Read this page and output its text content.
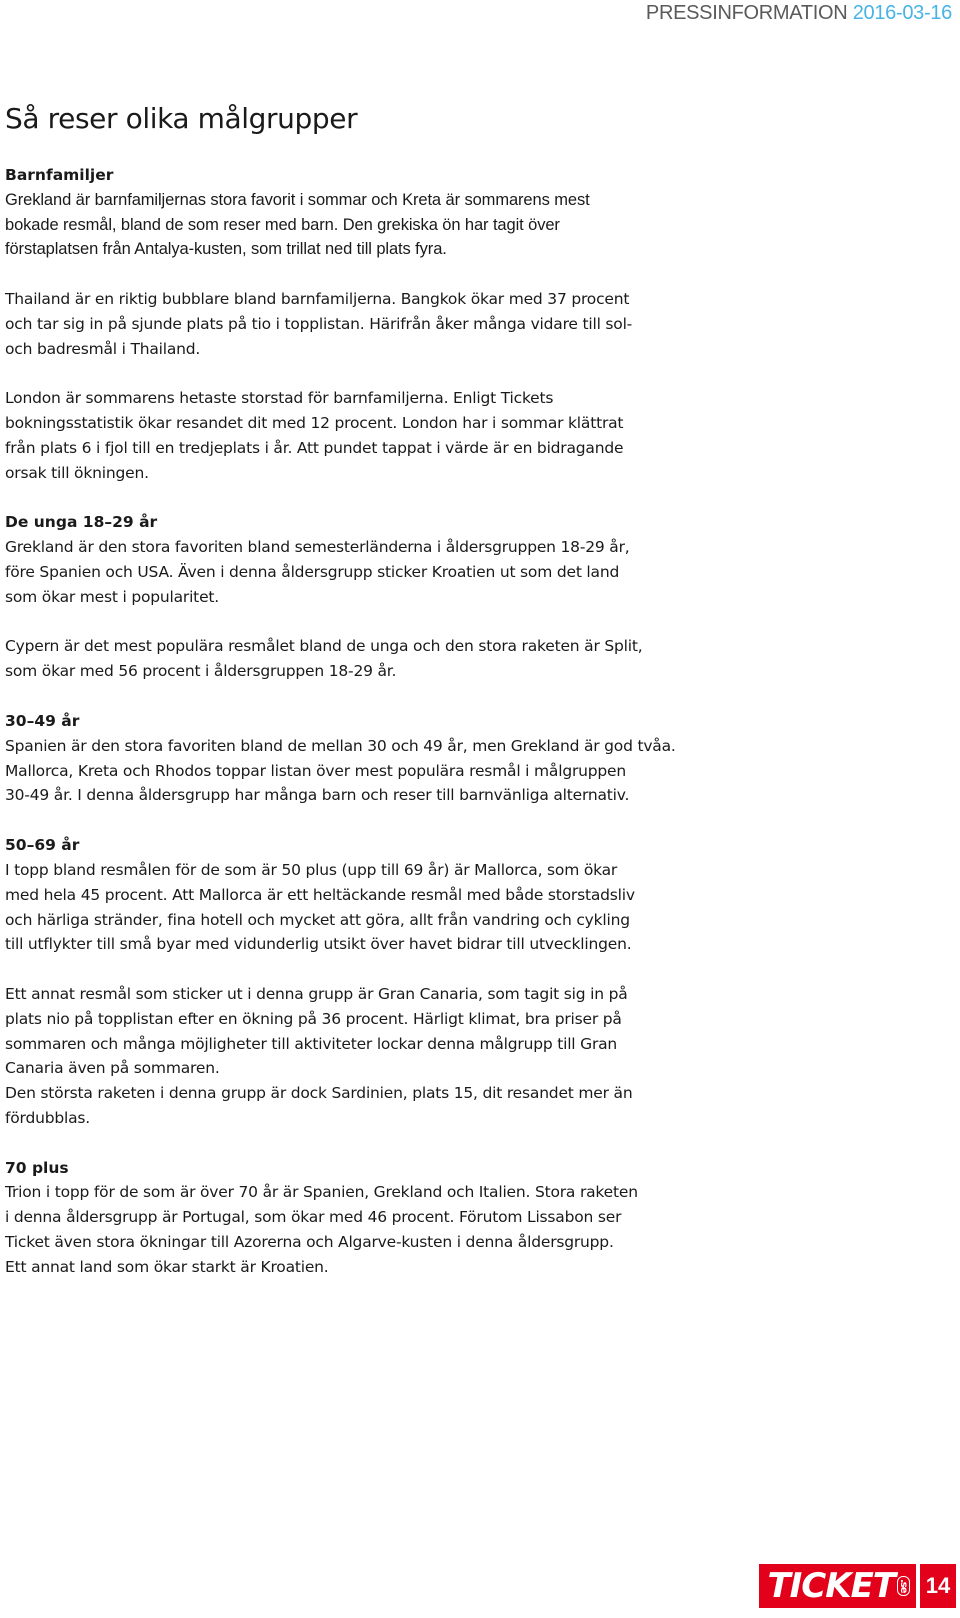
PRESSINFORMATION 2016-03-16
Så reser olika målgrupper
Barnfamiljer

Grekland är barnfamiljernas stora favorit i sommar och Kreta är sommarens mest
bokade resmål, bland de som reser med barn. Den grekiska ön har tagit över
förstaplatsen från Antalya-kusten, som trillat ned till plats fyra.

Thailand är en riktig bubblare bland barnfamiljerna. Bangkok ökar med 37 procent
och tar sig in på sjunde plats på tio i topplistan. Härifrån åker många vidare till sol-
och badresmål i Thailand.

London är sommarens hetaste storstad för barnfamiljerna. Enligt Tickets
bokningsstatistik ökar resandet dit med 12 procent. London har i sommar klättrat
från plats 6 i fjol till en tredjeplats i år. Att pundet tappat i värde är en bidragande
orsak till ökningen.

De unga 18–29 år

Grekland är den stora favoriten bland semesterländerna i åldersgruppen 18-29 år,
före Spanien och USA. Även i denna åldersgrupp sticker Kroatien ut som det land
som ökar mest i popularitet.

Cypern är det mest populära resmålet bland de unga och den stora raketen är Split,
som ökar med 56 procent i åldersgruppen 18-29 år.

30–49 år

Spanien är den stora favoriten bland de mellan 30 och 49 år, men Grekland är god tvåa.
Mallorca, Kreta och Rhodos toppar listan över mest populära resmål i målgruppen
30-49 år. I denna åldersgrupp har många barn och reser till barnvänliga alternativ.

50–69 år

I topp bland resmålen för de som är 50 plus (upp till 69 år) är Mallorca, som ökar
med hela 45 procent. Att Mallorca är ett heltäckande resmål med både storstadsliv
och härliga stränder, fina hotell och mycket att göra, allt från vandring och cykling
till utflykter till små byar med vidunderlig utsikt över havet bidrar till utvecklingen.

Ett annat resmål som sticker ut i denna grupp är Gran Canaria, som tagit sig in på
plats nio på topplistan efter en ökning på 36 procent. Härligt klimat, bra priser på
sommaren och många möjligheter till aktiviteter lockar denna målgrupp till Gran
Canaria även på sommaren.
Den största raketen i denna grupp är dock Sardinien, plats 15, dit resandet mer än
fördubblas.

70 plus

Trion i topp för de som är över 70 år är Spanien, Grekland och Italien. Stora raketen
i denna åldersgrupp är Portugal, som ökar med 46 procent. Förutom Lissabon ser
Ticket även stora ökningar till Azorerna och Algarve-kusten i denna åldersgrupp.
Ett annat land som ökar starkt är Kroatien.

TICKET .se 14
